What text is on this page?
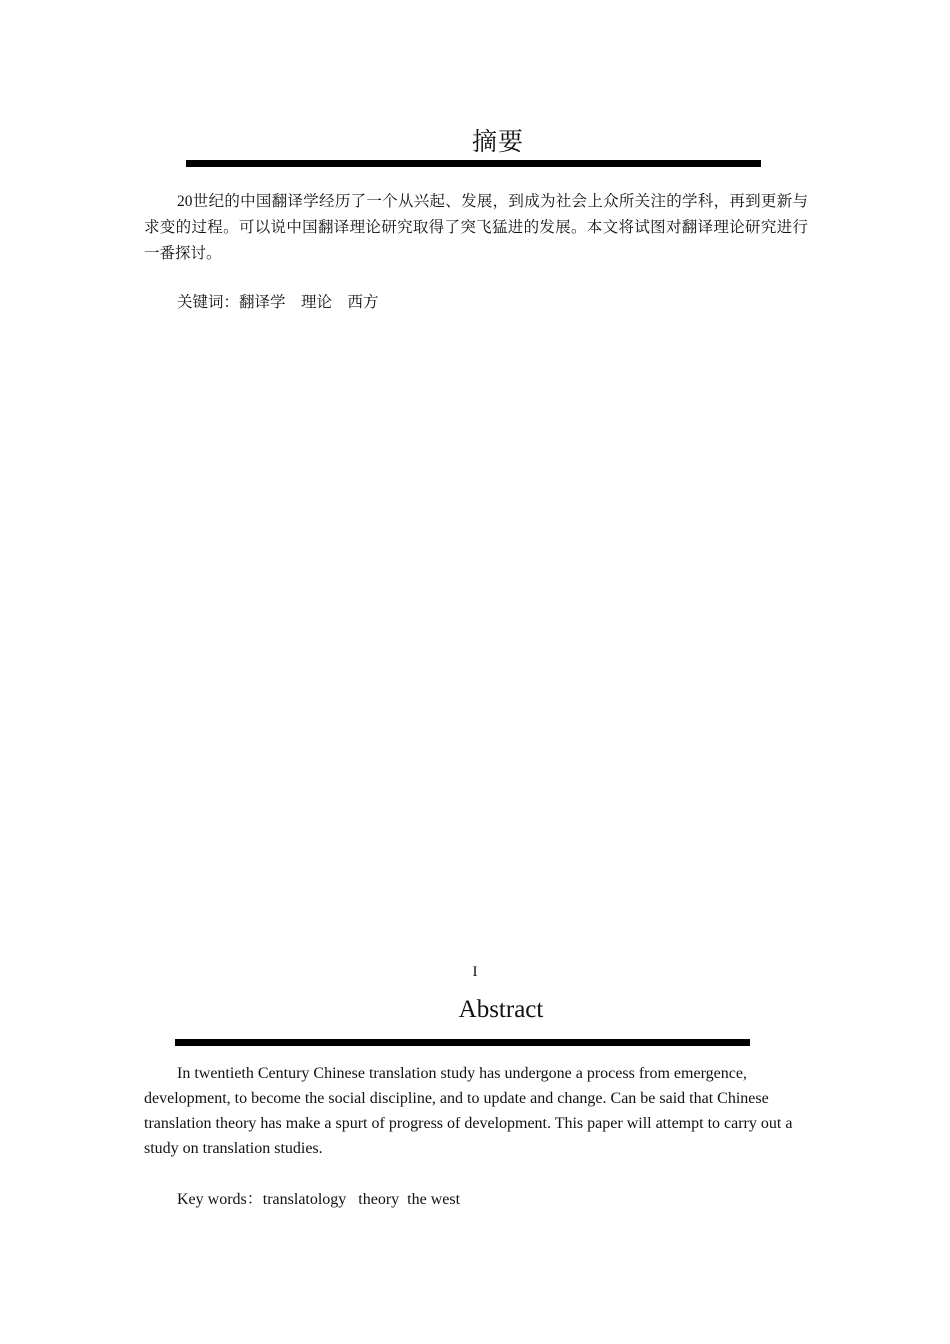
摘要

20世纪的中国翻译学经历了一个从兴起、发展，到成为社会上众所关注的学科，再到更新与求变的过程。可以说中国翻译理论研究取得了突飞猛进的发展。本文将试图对翻译理论研究进行一番探讨。

关键词：翻译学　理论　西方
I
Abstract

In twentieth Century Chinese translation study has undergone a process from emergence, development, to become the social discipline, and to update and change. Can be said that Chinese translation theory has make a spurt of progress of development. This paper will attempt to carry out a study on translation studies.

Key words：translatology   theory  the west
